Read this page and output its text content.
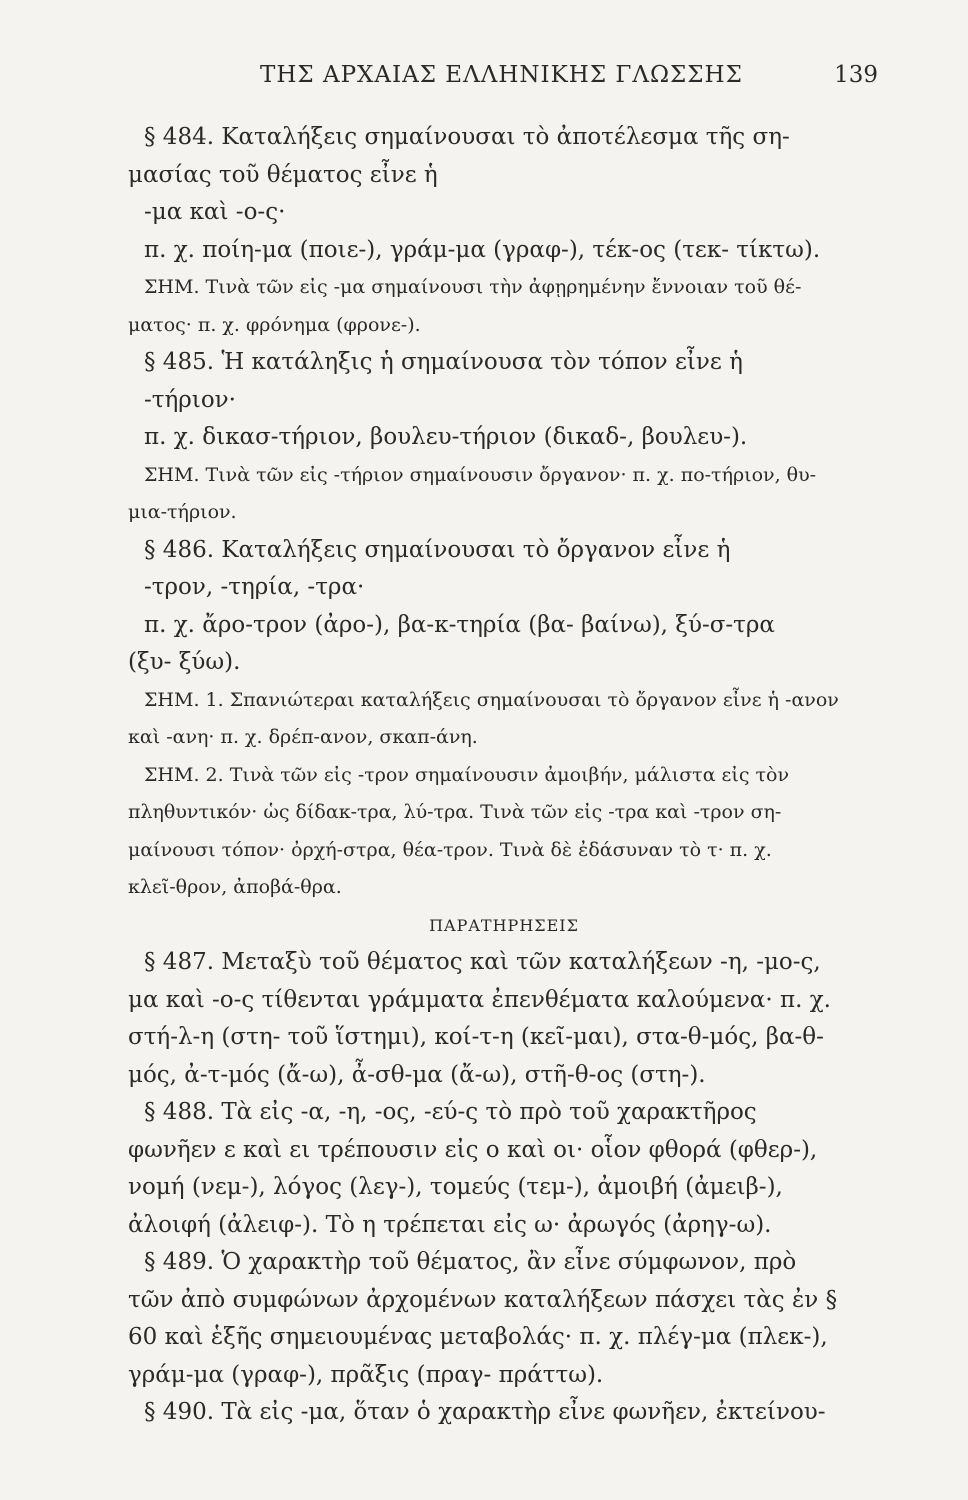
ΤΗΣ ΑΡΧΑΙΑΣ ΕΛΛΗΝΙΚΗΣ ΓΛΩΣΣΗΣ	139
§ 484. Καταλήξεις σημαίνουσαι τὸ ἀποτέλεσμα τῆς ση-
μασίας τοῦ θέματος εἶνε ἡ
-μα καὶ -ο-ς·
π. χ. ποίη-μα (ποιε-), γράμ-μα (γραφ-), τέκ-ος (τεκ- τίκτω).
ΣΗΜ. Τινὰ τῶν εἰς -μα σημαίνουσι τὴν ἀφῃρημένην ἔννοιαν τοῦ θέ-
ματος· π. χ. φρόνημα (φρονε-).
§ 485. Ἡ κατάληξις ἡ σημαίνουσα τὸν τόπον εἶνε ἡ
-τήριον·
π. χ. δικασ-τήριον, βουλευ-τήριον (δικαδ-, βουλευ-).
ΣΗΜ. Τινὰ τῶν εἰς -τήριον σημαίνουσιν ὄργανον· π. χ. πο-τήριον, θυ-
μια-τήριον.
§ 486. Καταλήξεις σημαίνουσαι τὸ ὄργανον εἶνε ἡ
-τρον, -τηρία, -τρα·
π. χ. ἄρο-τρον (ἀρο-), βα-κ-τηρία (βα- βαίνω), ξύ-σ-τρα
(ξυ- ξύω).
ΣΗΜ. 1. Σπανιώτεραι καταλήξεις σημαίνουσαι τὸ ὄργανον εἶνε ἡ -ανον
καὶ -ανη· π. χ. δρέπ-ανον, σκαπ-άνη.
ΣΗΜ. 2. Τινὰ τῶν εἰς -τρον σημαίνουσιν ἀμοιβήν, μάλιστα εἰς τὸν
πληθυντικόν· ὡς δίδακ-τρα, λύ-τρα. Τινὰ τῶν εἰς -τρα καὶ -τρον ση-
μαίνουσι τόπον· ὀρχή-στρα, θέα-τρον. Τινὰ δὲ ἐδάσυναν τὸ τ· π. χ.
κλεῖ-θρον, ἀποβά-θρα.
ΠΑΡΑΤΗΡΗΣΕΙΣ
§ 487. Μεταξὺ τοῦ θέματος καὶ τῶν καταλήξεων -η, -μο-ς,
μα καὶ -ο-ς τίθενται γράμματα ἐπενθέματα καλούμενα· π. χ.
στή-λ-η (στη- τοῦ ἵστημι), κοί-τ-η (κεῖ-μαι), στα-θ-μός, βα-θ-
μός, ἀ-τ-μός (ἄ-ω), ἆ-σθ-μα (ἄ-ω), στῆ-θ-ος (στη-).
§ 488. Τὰ εἰς -α, -η, -ος, -εύ-ς τὸ πρὸ τοῦ χαρακτῆρος
φωνῆεν ε καὶ ει τρέπουσιν εἰς ο καὶ οι· οἷον φθορά (φθερ-),
νομή (νεμ-), λόγος (λεγ-), τομεύς (τεμ-), ἀμοιβή (ἀμειβ-),
ἀλοιφή (ἀλειφ-). Τὸ η τρέπεται εἰς ω· ἀρωγός (ἀρηγ-ω).
§ 489. Ὁ χαρακτὴρ τοῦ θέματος, ἂν εἶνε σύμφωνον, πρὸ
τῶν ἀπὸ συμφώνων ἀρχομένων καταλήξεων πάσχει τὰς ἐν §
60 καὶ ἑξῆς σημειουμένας μεταβολάς· π. χ. πλέγ-μα (πλεκ-),
γράμ-μα (γραφ-), πρᾶξις (πραγ- πράττω).
§ 490. Τὰ εἰς -μα, ὅταν ὁ χαρακτὴρ εἶνε φωνῆεν, ἐκτείνου-
